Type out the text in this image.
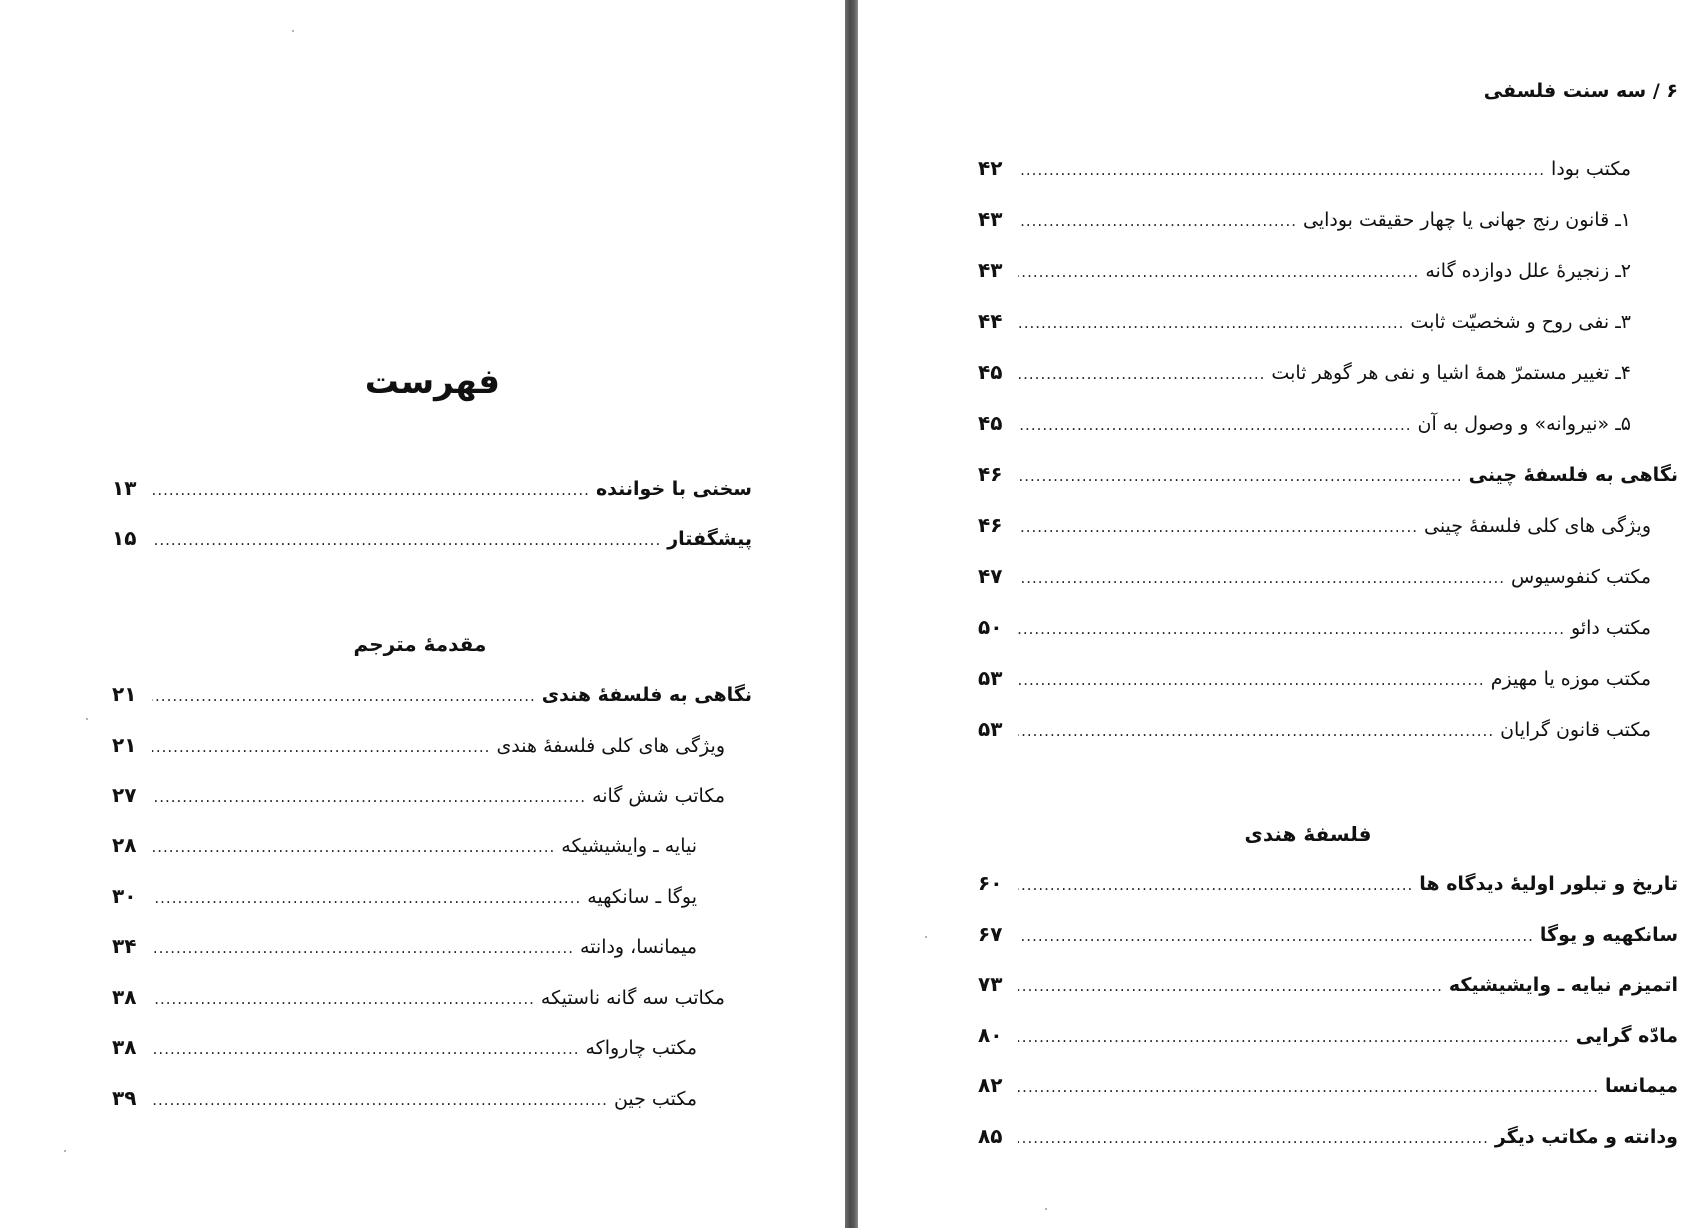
فهرست
سخنی با خواننده
.....
۱۳
پیشگفتار
.....
۱۵
مقدمهٔ مترجم
نگاهی به فلسفهٔ هندی
.....
۲۱
ویژگی های کلی فلسفهٔ هندی
.....
۲۱
مکاتب شش گانه
.....
۲۷
نیایه ـ وایشیشیکه
.....
۲۸
یوگا ـ سانکهیه
.....
۳۰
میمانسا، ودانته
.....
۳۴
مکاتب سه گانه ناستیکه
.....
۳۸
مکتب چارواکه
.....
۳۸
مکتب جین
.....
۳۹
۶ / سه سنت فلسفی
مکتب بودا
.....
۴۲
۱ـ قانون رنج جهانی یا چهار حقیقت بودایی
.....
۴۳
۲ـ زنجیرهٔ علل دوازده گانه
.....
۴۳
۳ـ نفی روح و شخصیّت ثابت
.....
۴۴
۴ـ تغییر مستمرّ همهٔ اشیا و نفی هر گوهر ثابت
.....
۴۵
۵ـ «نیروانه» و وصول به آن
.....
۴۵
نگاهی به فلسفهٔ چینی
.....
۴۶
ویژگی های کلی فلسفهٔ چینی
.....
۴۶
مکتب کنفوسیوس
.....
۴۷
مکتب دائو
.....
۵۰
مکتب موزه یا مهیزم
.....
۵۳
مکتب قانون گرایان
.....
۵۳
فلسفهٔ هندی
تاریخ و تبلور اولیهٔ دیدگاه ها
.....
۶۰
سانکهیه و یوگا
.....
۶۷
اتمیزم نیایه ـ وایشیشیکه
.....
۷۳
مادّه گرایی
.....
۸۰
میمانسا
.....
۸۲
ودانته و مکاتب دیگر
.....
۸۵
